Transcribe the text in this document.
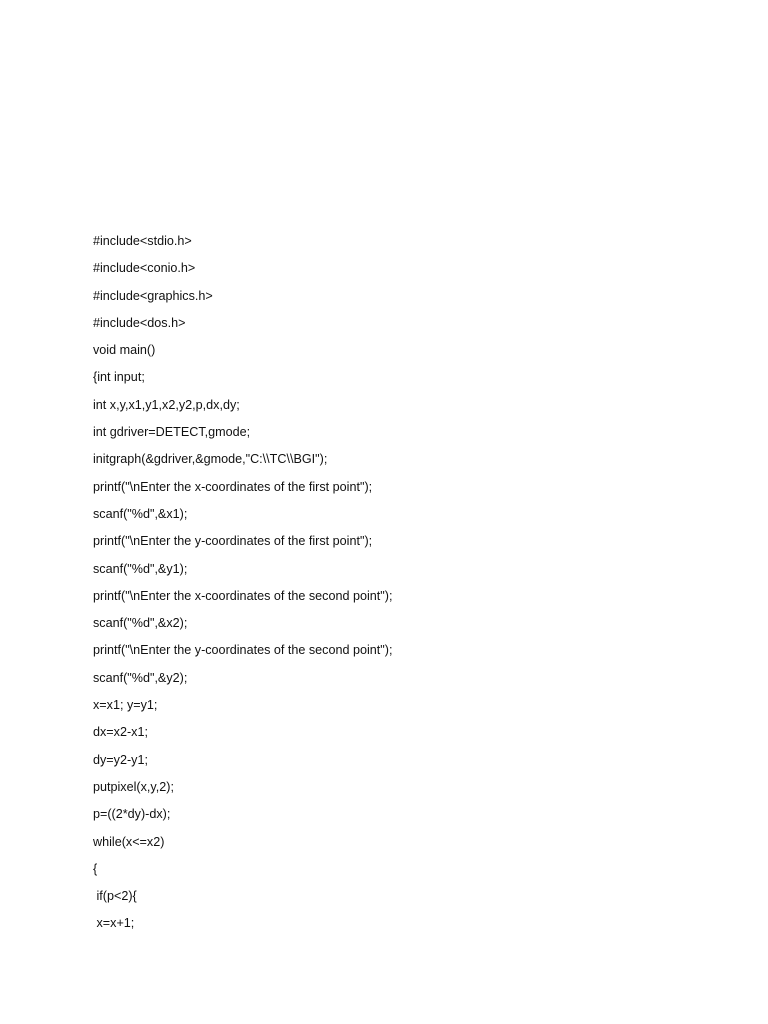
#include<stdio.h>
#include<conio.h>
#include<graphics.h>
#include<dos.h>
void main()
{int input;
int x,y,x1,y1,x2,y2,p,dx,dy;
int gdriver=DETECT,gmode;
initgraph(&gdriver,&gmode,"C:\\TC\\BGI");
printf("\nEnter the x-coordinates of the first point");
scanf("%d",&x1);
printf("\nEnter the y-coordinates of the first point");
scanf("%d",&y1);
printf("\nEnter the x-coordinates of the second point");
scanf("%d",&x2);
printf("\nEnter the y-coordinates of the second point");
scanf("%d",&y2);
x=x1; y=y1;
dx=x2-x1;
dy=y2-y1;
putpixel(x,y,2);
p=((2*dy)-dx);
while(x<=x2)
{
if(p<2){
x=x+1;
